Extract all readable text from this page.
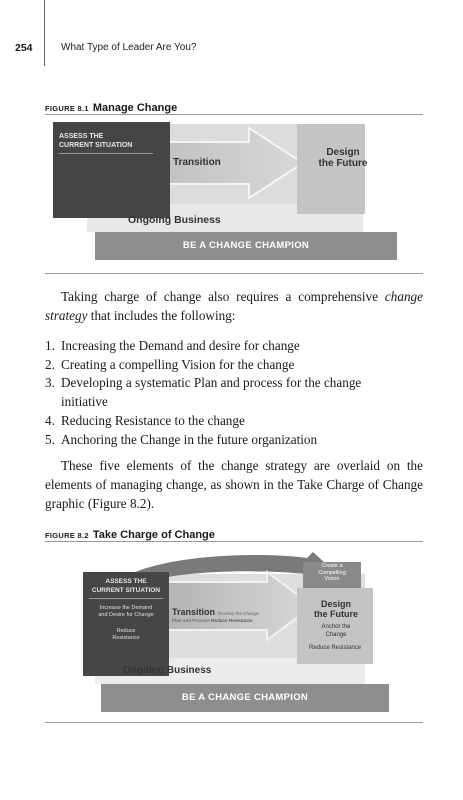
254	What Type of Leader Are You?
FIGURE 8.1 Manage Change
ASSESS THE
CURRENT SITUATION
Transition
Design
the Future
Ongoing Business
BE A CHANGE CHAMPION
Taking charge of change also requires a comprehensive change strategy that includes the following:
1. Increasing the Demand and desire for change
2. Creating a compelling Vision for the change
3. Developing a systematic Plan and process for the change initiative
4. Reducing Resistance to the change
5. Anchoring the Change in the future organization
These five elements of the change strategy are overlaid on the elements of managing change, as shown in the Take Charge of Change graphic (Figure 8.2).
FIGURE 8.2 Take Charge of Change
Create a
Compelling
Vision
ASSESS THE
CURRENT SITUATION
Increase the Demand
and Desire for Change
Reduce
Resistance
Transition Develop the Change
Plan and Process Reduce Resistance
Design
the Future
Anchor the
Change
Reduce Resistance
Ongoing Business
BE A CHANGE CHAMPION
